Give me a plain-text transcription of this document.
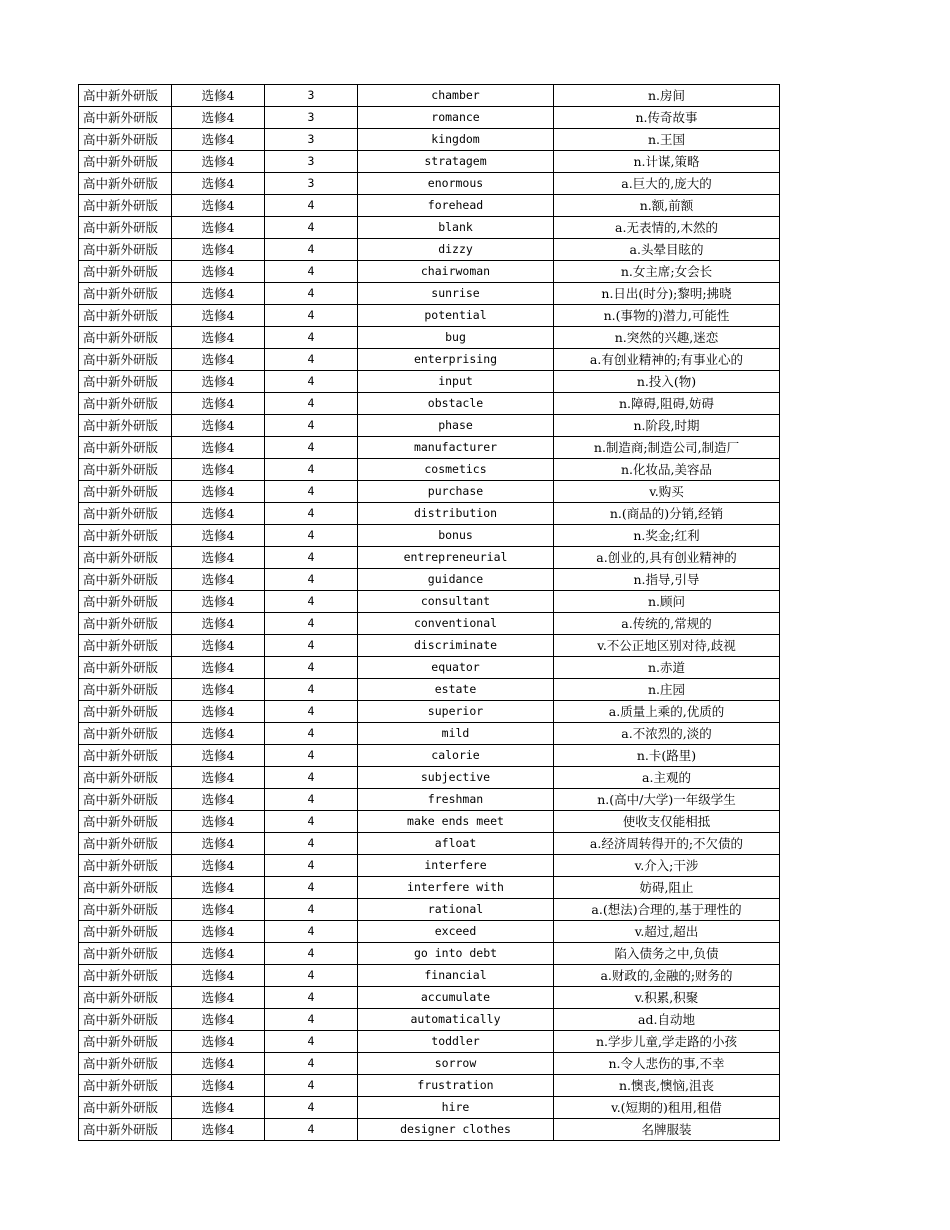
高中新外研版	选修4	3	chamber	n.房间
高中新外研版	选修4	3	romance	n.传奇故事
高中新外研版	选修4	3	kingdom	n.王国
高中新外研版	选修4	3	stratagem	n.计谋,策略
高中新外研版	选修4	3	enormous	a.巨大的,庞大的
高中新外研版	选修4	4	forehead	n.额,前额
高中新外研版	选修4	4	blank	a.无表情的,木然的
高中新外研版	选修4	4	dizzy	a.头晕目眩的
高中新外研版	选修4	4	chairwoman	n.女主席;女会长
高中新外研版	选修4	4	sunrise	n.日出(时分);黎明;拂晓
高中新外研版	选修4	4	potential	n.(事物的)潜力,可能性
高中新外研版	选修4	4	bug	n.突然的兴趣,迷恋
高中新外研版	选修4	4	enterprising	a.有创业精神的;有事业心的
高中新外研版	选修4	4	input	n.投入(物)
高中新外研版	选修4	4	obstacle	n.障碍,阻碍,妨碍
高中新外研版	选修4	4	phase	n.阶段,时期
高中新外研版	选修4	4	manufacturer	n.制造商;制造公司,制造厂
高中新外研版	选修4	4	cosmetics	n.化妆品,美容品
高中新外研版	选修4	4	purchase	v.购买
高中新外研版	选修4	4	distribution	n.(商品的)分销,经销
高中新外研版	选修4	4	bonus	n.奖金;红利
高中新外研版	选修4	4	entrepreneurial	a.创业的,具有创业精神的
高中新外研版	选修4	4	guidance	n.指导,引导
高中新外研版	选修4	4	consultant	n.顾问
高中新外研版	选修4	4	conventional	a.传统的,常规的
高中新外研版	选修4	4	discriminate	v.不公正地区别对待,歧视
高中新外研版	选修4	4	equator	n.赤道
高中新外研版	选修4	4	estate	n.庄园
高中新外研版	选修4	4	superior	a.质量上乘的,优质的
高中新外研版	选修4	4	mild	a.不浓烈的,淡的
高中新外研版	选修4	4	calorie	n.卡(路里)
高中新外研版	选修4	4	subjective	a.主观的
高中新外研版	选修4	4	freshman	n.(高中/大学)一年级学生
高中新外研版	选修4	4	make ends meet	使收支仅能相抵
高中新外研版	选修4	4	afloat	a.经济周转得开的;不欠债的
高中新外研版	选修4	4	interfere	v.介入;干涉
高中新外研版	选修4	4	interfere with	妨碍,阻止
高中新外研版	选修4	4	rational	a.(想法)合理的,基于理性的
高中新外研版	选修4	4	exceed	v.超过,超出
高中新外研版	选修4	4	go into debt	陷入债务之中,负债
高中新外研版	选修4	4	financial	a.财政的,金融的;财务的
高中新外研版	选修4	4	accumulate	v.积累,积聚
高中新外研版	选修4	4	automatically	ad.自动地
高中新外研版	选修4	4	toddler	n.学步儿童,学走路的小孩
高中新外研版	选修4	4	sorrow	n.令人悲伤的事,不幸
高中新外研版	选修4	4	frustration	n.懊丧,懊恼,沮丧
高中新外研版	选修4	4	hire	v.(短期的)租用,租借
高中新外研版	选修4	4	designer clothes	名牌服装
